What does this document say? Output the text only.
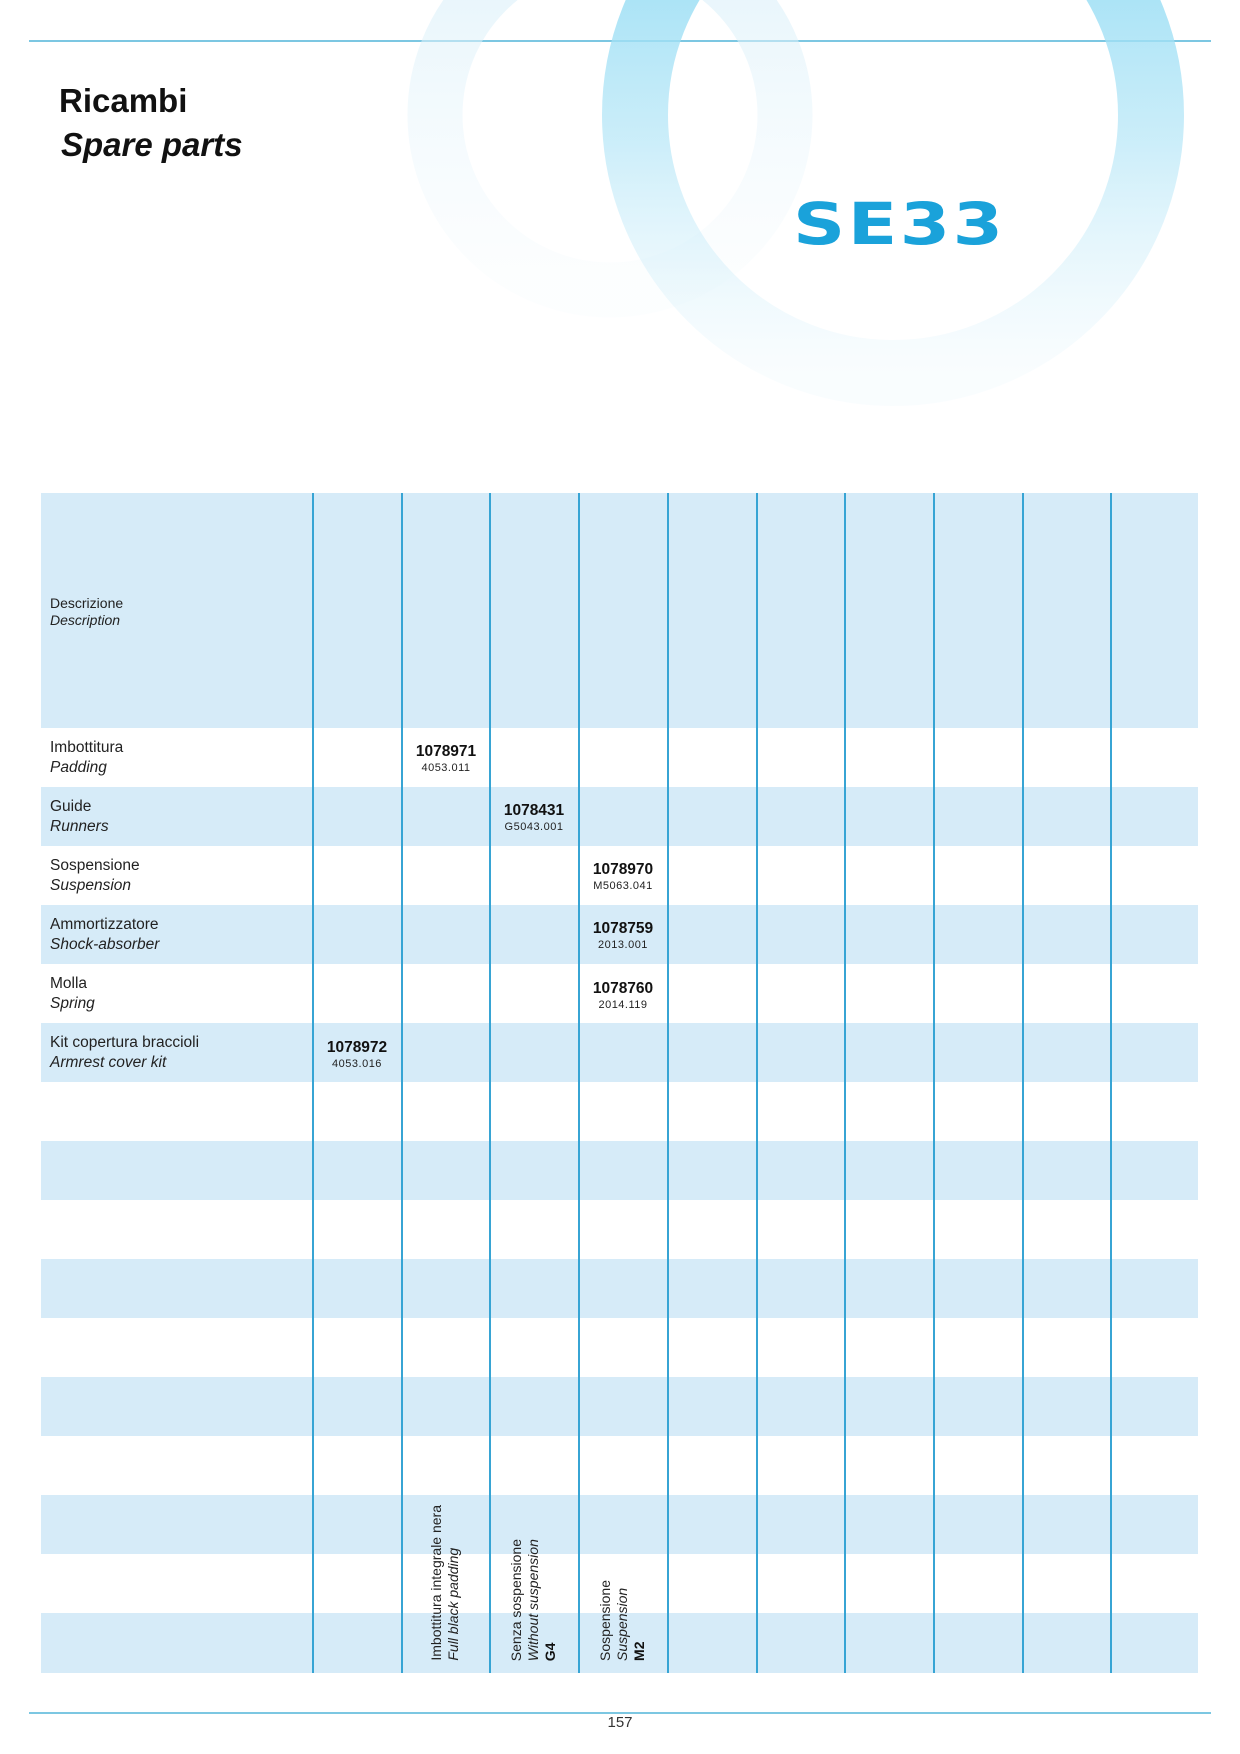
Ricambi
Spare parts
SE33
Descrizione
Description
Imbottitura integrale nera Full black padding	Senza sospensione Without suspension G4	Sospensione Suspension M2
Imbottitura
Padding
Guide
Runners
Sospensione
Suspension
Ammortizzatore
Shock-absorber
Molla
Spring
Kit copertura braccioli
Armrest cover kit
1078971
4053.011
1078431
G5043.001
1078970
M5063.041
1078759
2013.001
1078760
2014.119
1078972
4053.016
157
